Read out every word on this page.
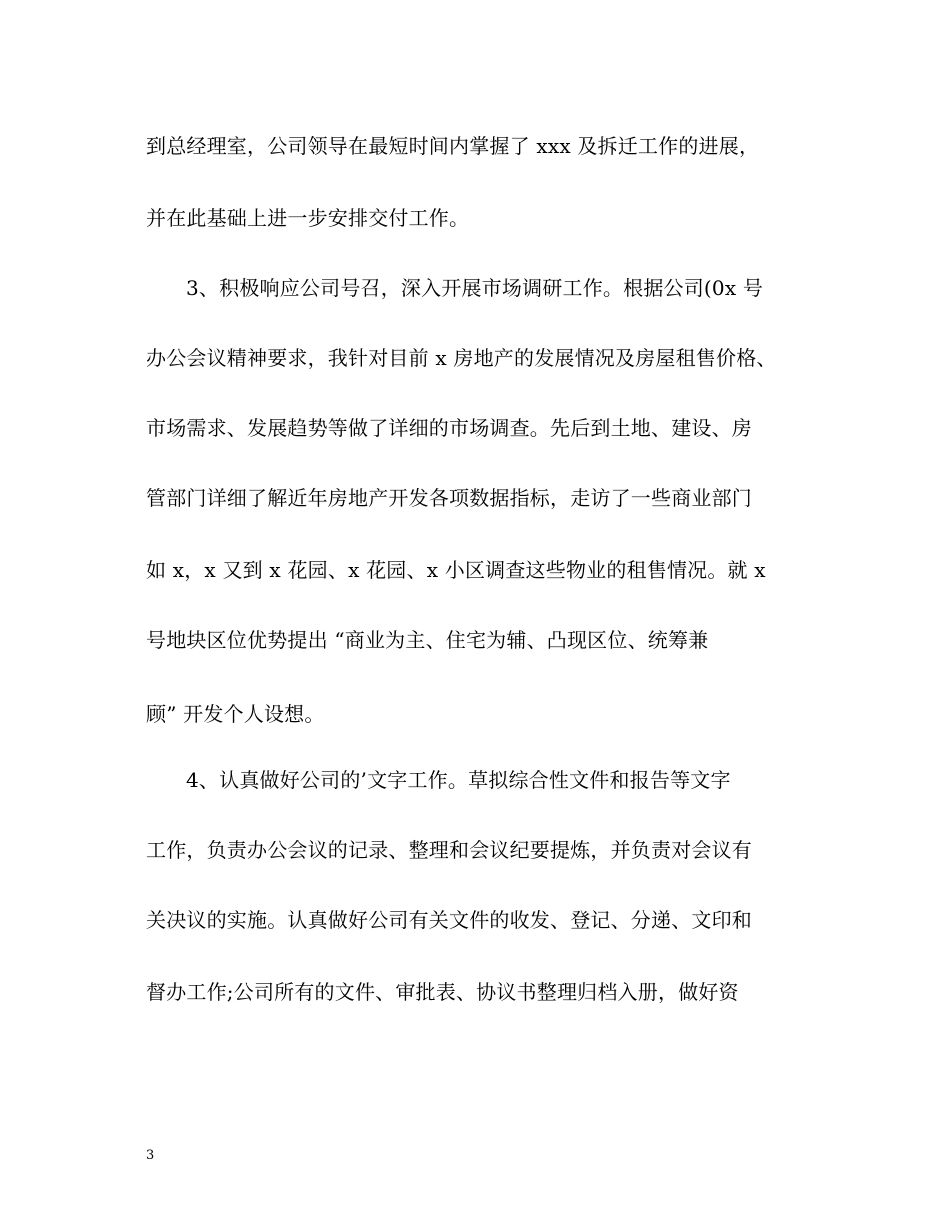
到总经理室，公司领导在最短时间内掌握了 xxx 及拆迁工作的进展，
并在此基础上进一步安排交付工作。
3、积极响应公司号召，深入开展市场调研工作。根据公司(0x 号
办公会议精神要求，我针对目前 x 房地产的发展情况及房屋租售价格、
市场需求、发展趋势等做了详细的市场调查。先后到土地、建设、房
管部门详细了解近年房地产开发各项数据指标，走访了一些商业部门
如 x，x 又到 x 花园、x 花园、x 小区调查这些物业的租售情况。就 x
号地块区位优势提出 “商业为主、住宅为辅、凸现区位、统筹兼
顾” 开发个人设想。
4、认真做好公司的’文字工作。草拟综合性文件和报告等文字
工作，负责办公会议的记录、整理和会议纪要提炼，并负责对会议有
关决议的实施。认真做好公司有关文件的收发、登记、分递、文印和
督办工作;公司所有的文件、审批表、协议书整理归档入册，做好资
3
